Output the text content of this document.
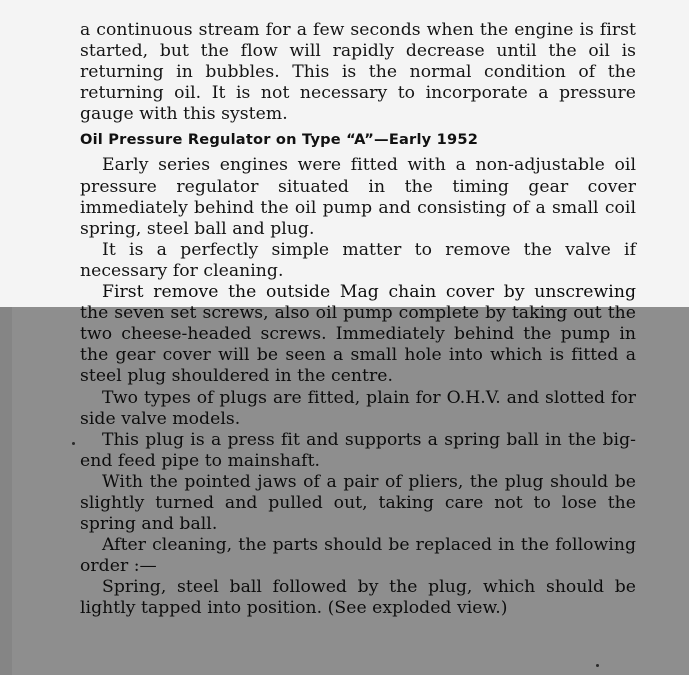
a continuous stream for a few seconds when the engine is first started, but the flow will rapidly decrease until the oil is returning in bubbles. This is the normal condition of the returning oil. It is not necessary to incorporate a pressure gauge with this system.

Oil Pressure Regulator on Type “A”—Early 1952

Early series engines were fitted with a non-adjustable oil pressure regulator situated in the timing gear cover immediately behind the oil pump and consisting of a small coil spring, steel ball and plug.

It is a perfectly simple matter to remove the valve if necessary for cleaning.

First remove the outside Mag chain cover by unscrewing the seven set screws, also oil pump complete by taking out the two cheese-headed screws. Immediately behind the pump in the gear cover will be seen a small hole into which is fitted a steel plug shouldered in the centre.

Two types of plugs are fitted, plain for O.H.V. and slotted for side valve models.

This plug is a press fit and supports a spring ball in the big-end feed pipe to mainshaft.

With the pointed jaws of a pair of pliers, the plug should be slightly turned and pulled out, taking care not to lose the spring and ball.

After cleaning, the parts should be replaced in the following order :—

Spring, steel ball followed by the plug, which should be lightly tapped into position. (See exploded view.)
